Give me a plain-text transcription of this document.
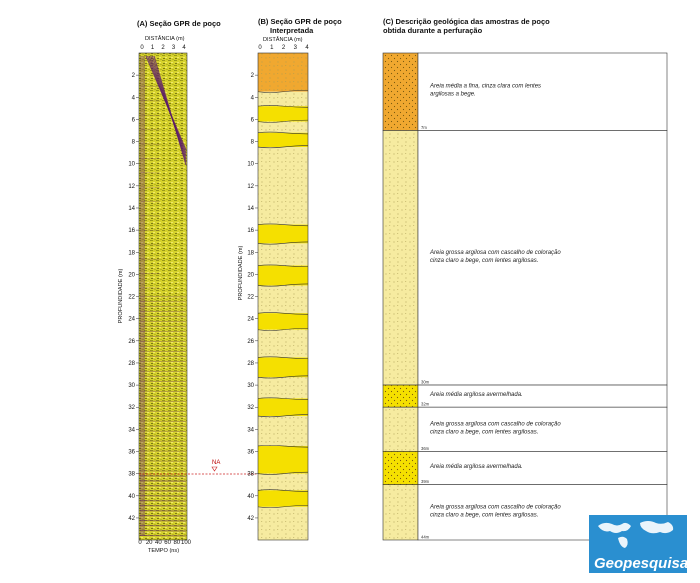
(A) Seção GPR de poço
DISTÂNCIA (m)
0 1 2 3 4
2
4
6
8
10
12
14
16
18
20
22
24
26
28
30
32
34
36
38
40
42
PROFUNDIDADE (m)
0 20 40 60 80 100
TEMPO (ns)
NA
(B) Seção GPR de poço
Interpretada
DISTÂNCIA (m)
0 1 2 3 4
2
4
6
8
10
12
14
16
18
20
22
24
26
28
30
32
34
36
38
40
42
PROFUNDIDADE (m)
(C) Descrição geológica das amostras de poço
obtida durante a perfuração
Areia média a fina, cinza clara com lentes
argilosas a bege.
7m
Areia grossa argilosa com cascalho de coloração
cinza claro a bege, com lentes argilosas.
30m
Areia média argilosa avermelhada.
32m
Areia grossa argilosa com cascalho de coloração
cinza claro a bege, com lentes argilosas.
36m
Areia média argilosa avermelhada.
39m
Areia grossa argilosa com cascalho de coloração
cinza claro a bege, com lentes argilosas.
44m
Geopesquisa
